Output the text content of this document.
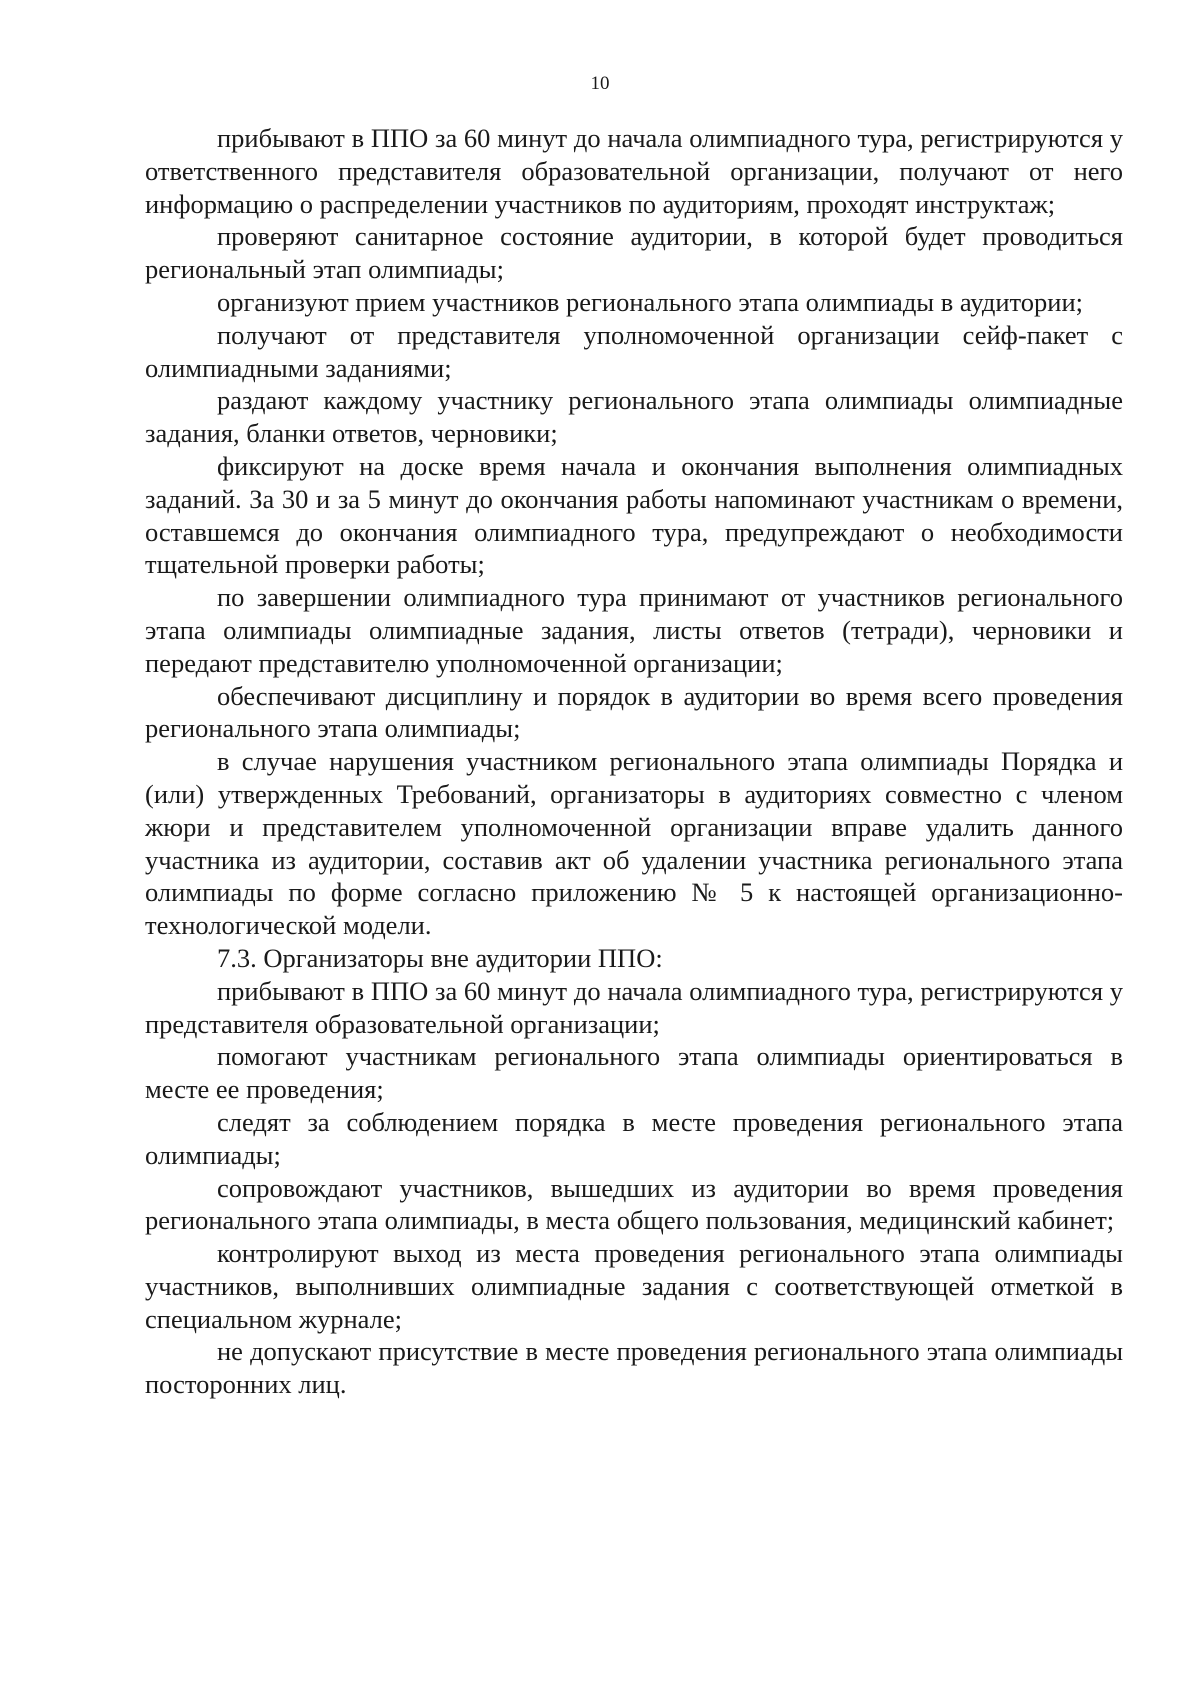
10

прибывают в ППО за 60 минут до начала олимпиадного тура, регистрируются у ответственного представителя образовательной организации, получают от него информацию о распределении участников по аудиториям, проходят инструктаж;

проверяют санитарное состояние аудитории, в которой будет проводиться региональный этап олимпиады;

организуют прием участников регионального этапа олимпиады в аудитории;

получают от представителя уполномоченной организации сейф-пакет с олимпиадными заданиями;

раздают каждому участнику регионального этапа олимпиады олимпиадные задания, бланки ответов, черновики;

фиксируют на доске время начала и окончания выполнения олимпиадных заданий. За 30 и за 5 минут до окончания работы напоминают участникам о времени, оставшемся до окончания олимпиадного тура, предупреждают о необходимости тщательной проверки работы;

по завершении олимпиадного тура принимают от участников регионального этапа олимпиады олимпиадные задания, листы ответов (тетради), черновики и передают представителю уполномоченной организации;

обеспечивают дисциплину и порядок в аудитории во время всего проведения регионального этапа олимпиады;

в случае нарушения участником регионального этапа олимпиады Порядка и (или) утвержденных Требований, организаторы в аудиториях совместно с членом жюри и представителем уполномоченной организации вправе удалить данного участника из аудитории, составив акт об удалении участника регионального этапа олимпиады по форме согласно приложению № 5 к настоящей организационно-технологической модели.

7.3. Организаторы вне аудитории ППО:

прибывают в ППО за 60 минут до начала олимпиадного тура, регистрируются у представителя образовательной организации;

помогают участникам регионального этапа олимпиады ориентироваться в месте ее проведения;

следят за соблюдением порядка в месте проведения регионального этапа олимпиады;

сопровождают участников, вышедших из аудитории во время проведения регионального этапа олимпиады, в места общего пользования, медицинский кабинет;

контролируют выход из места проведения регионального этапа олимпиады участников, выполнивших олимпиадные задания с соответствующей отметкой в специальном журнале;

не допускают присутствие в месте проведения регионального этапа олимпиады посторонних лиц.
